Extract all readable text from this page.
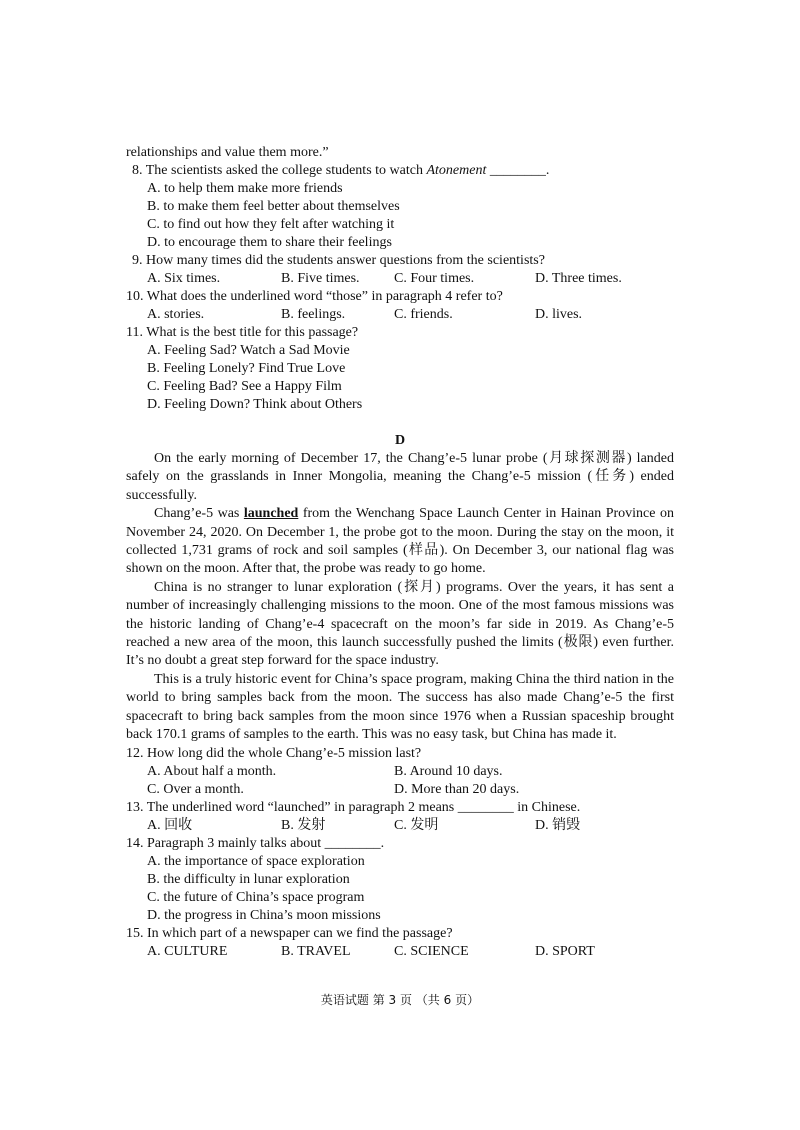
relationships and value them more.”
8. The scientists asked the college students to watch Atonement ________.
A. to help them make more friends
B. to make them feel better about themselves
C. to find out how they felt after watching it
D. to encourage them to share their feelings
9. How many times did the students answer questions from the scientists?
A. Six times.	B. Five times. C. Four times.	D. Three times.
10. What does the underlined word “those” in paragraph 4 refer to?
A. stories.	B. feelings.	C. friends.	D. lives.
11. What is the best title for this passage?
A. Feeling Sad? Watch a Sad Movie
B. Feeling Lonely? Find True Love
C. Feeling Bad? See a Happy Film
D. Feeling Down? Think about Others
D

On the early morning of December 17, the Chang’e-5 lunar probe (月球探测器) landed safely on the grasslands in Inner Mongolia, meaning the Chang’e-5 mission (任务) ended successfully.

Chang’e-5 was launched from the Wenchang Space Launch Center in Hainan Province on November 24, 2020. On December 1, the probe got to the moon. During the stay on the moon, it collected 1,731 grams of rock and soil samples (样品). On December 3, our national flag was shown on the moon. After that, the probe was ready to go home.

China is no stranger to lunar exploration (探月) programs. Over the years, it has sent a number of increasingly challenging missions to the moon. One of the most famous missions was the historic landing of Chang’e-4 spacecraft on the moon’s far side in 2019. As Chang’e-5 reached a new area of the moon, this launch successfully pushed the limits (极限) even further. It’s no doubt a great step forward for the space industry.

This is a truly historic event for China’s space program, making China the third nation in the world to bring samples back from the moon. The success has also made Chang’e-5 the first spacecraft to bring back samples from the moon since 1976 when a Russian spaceship brought back 170.1 grams of samples to the earth. This was no easy task, but China has made it.

12. How long did the whole Chang’e-5 mission last?
A. About half a month.	B. Around 10 days.
C. Over a month.	D. More than 20 days.
13. The underlined word “launched” in paragraph 2 means ________ in Chinese.
A. 回收	B. 发射	C. 发明	D. 销毁
14. Paragraph 3 mainly talks about ________.
A. the importance of space exploration
B. the difficulty in lunar exploration
C. the future of China’s space program
D. the progress in China’s moon missions
15. In which part of a newspaper can we find the passage?
A. CULTURE	B. TRAVEL	C. SCIENCE	D. SPORT
英语试题 第 3 页 （共 6 页）
